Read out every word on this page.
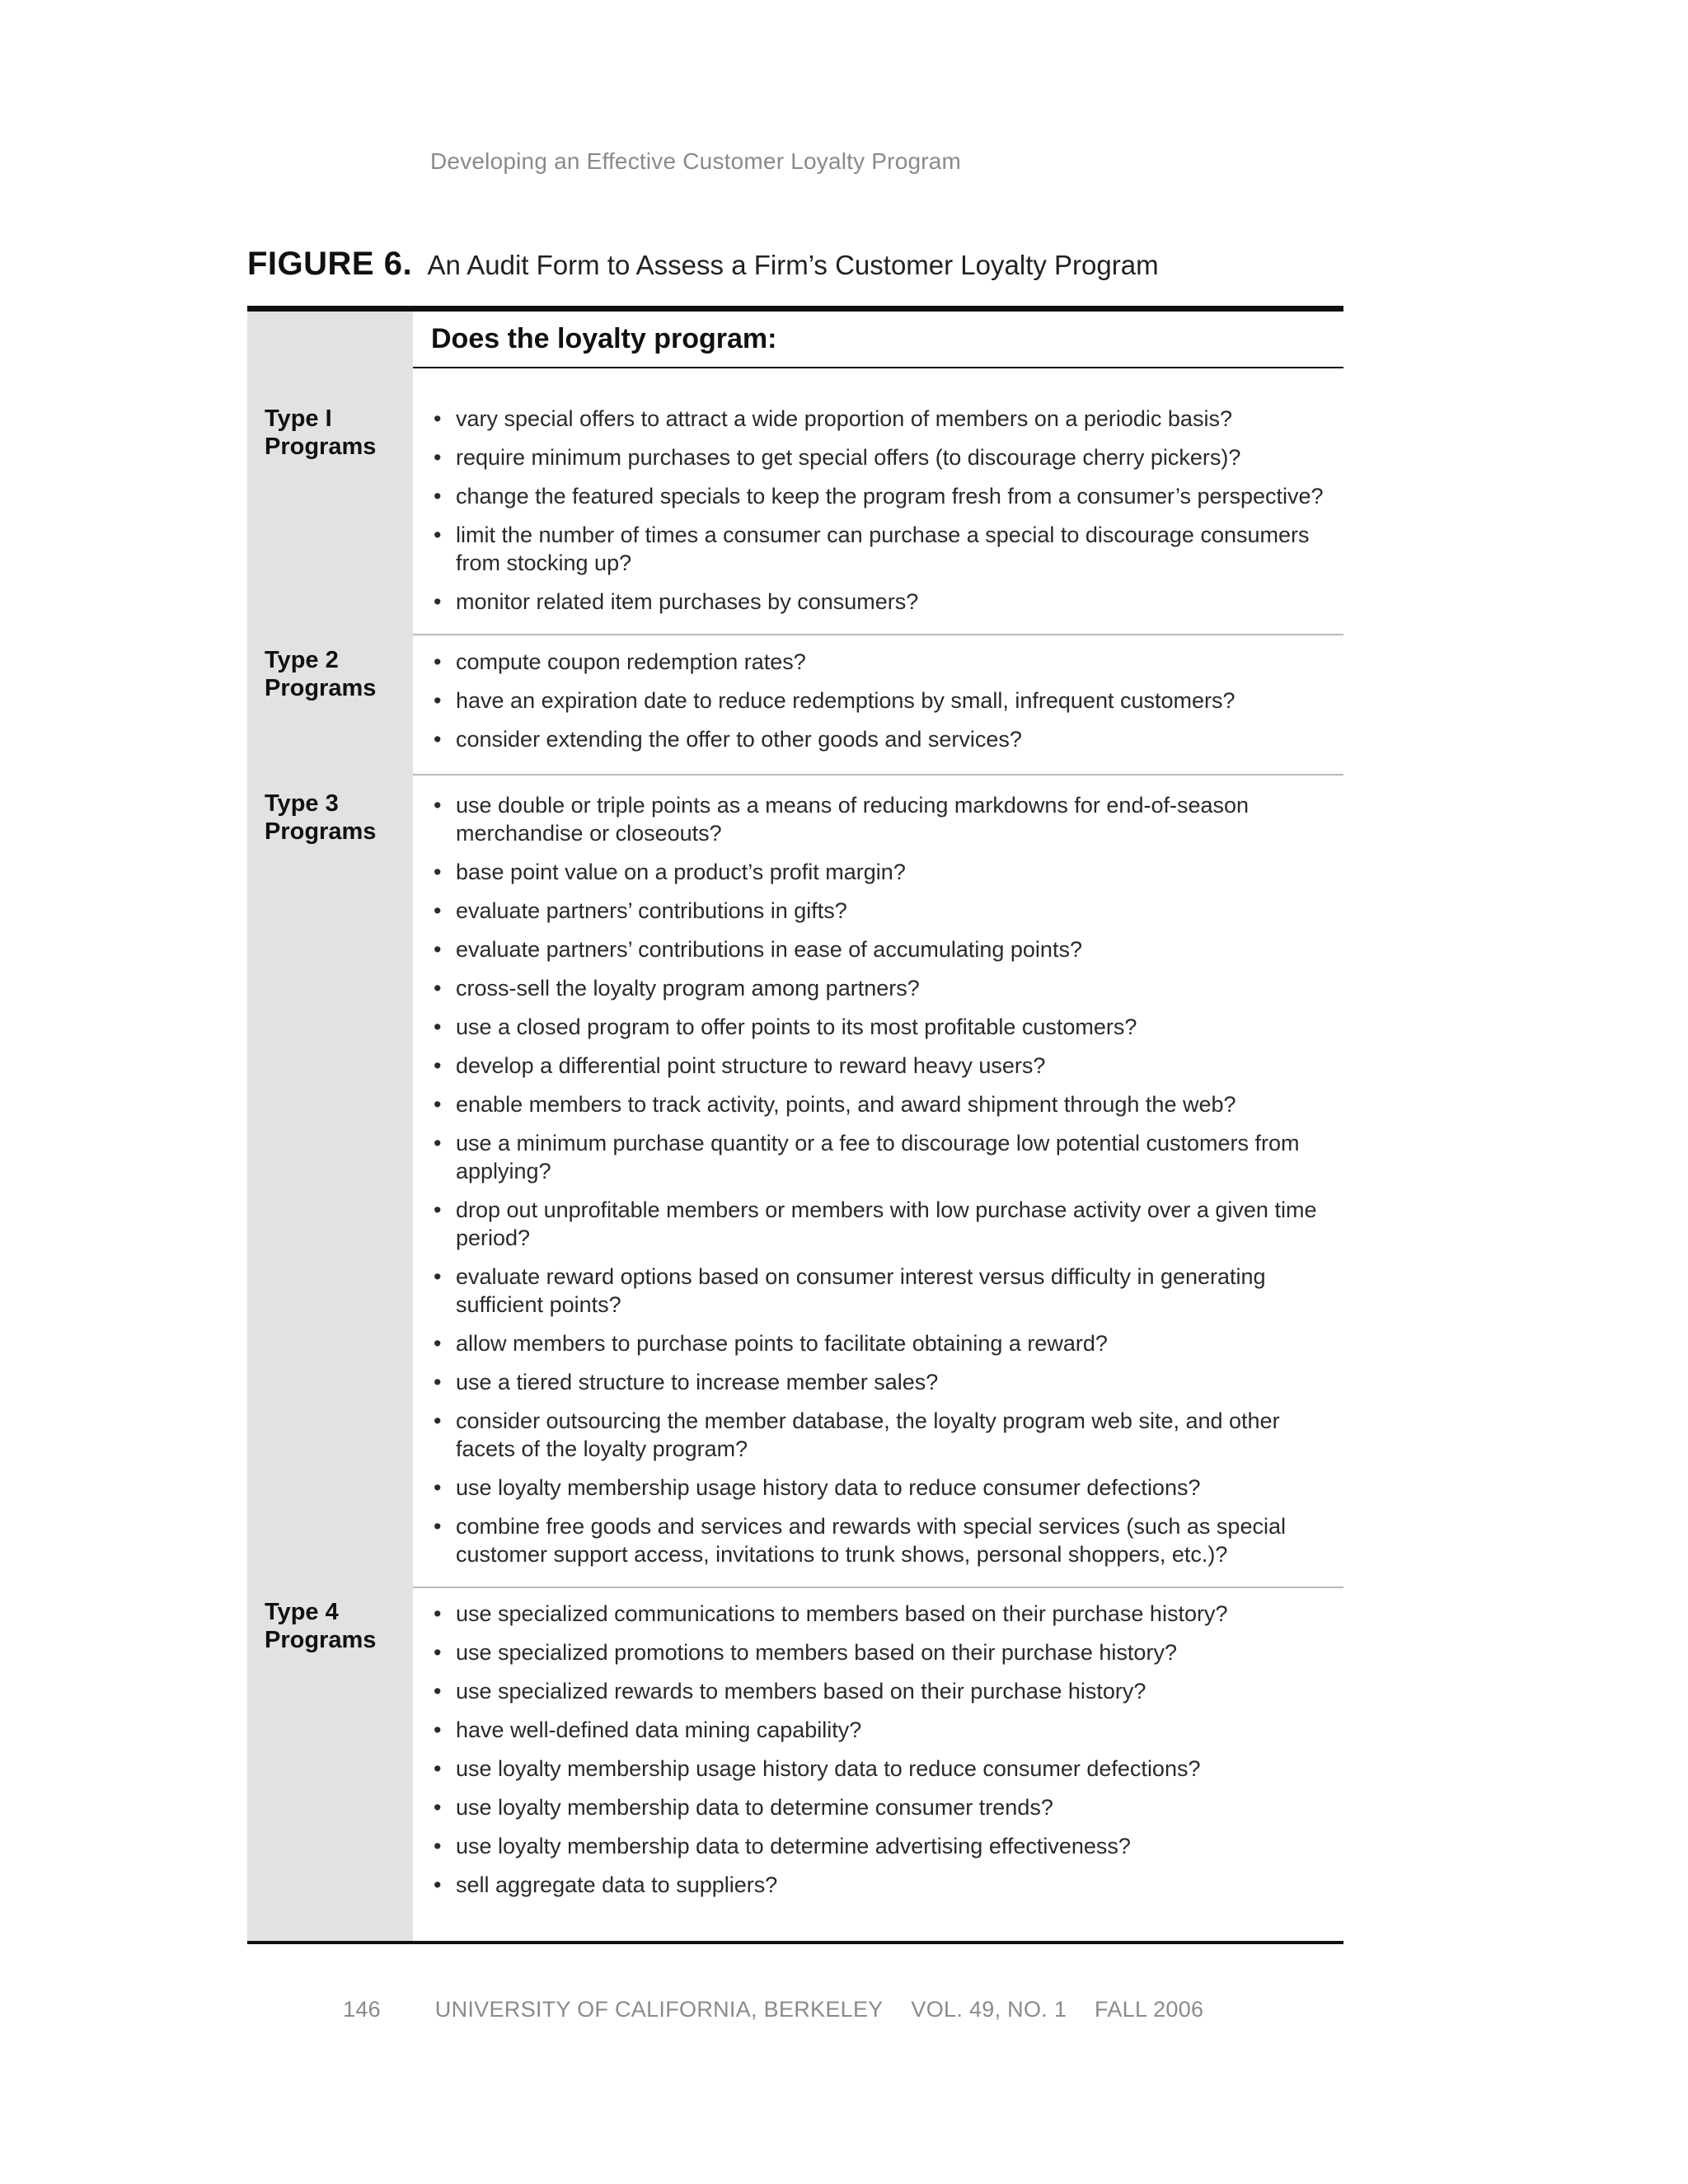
Developing an Effective Customer Loyalty Program
FIGURE 6. An Audit Form to Assess a Firm’s Customer Loyalty Program
Does the loyalty program:
Type I
Programs
• vary special offers to attract a wide proportion of members on a periodic basis?
• require minimum purchases to get special offers (to discourage cherry pickers)?
• change the featured specials to keep the program fresh from a consumer’s perspective?
• limit the number of times a consumer can purchase a special to discourage consumers from stocking up?
• monitor related item purchases by consumers?
Type 2
Programs
• compute coupon redemption rates?
• have an expiration date to reduce redemptions by small, infrequent customers?
• consider extending the offer to other goods and services?
Type 3
Programs
• use double or triple points as a means of reducing markdowns for end-of-season merchandise or closeouts?
• base point value on a product’s profit margin?
• evaluate partners’ contributions in gifts?
• evaluate partners’ contributions in ease of accumulating points?
• cross-sell the loyalty program among partners?
• use a closed program to offer points to its most profitable customers?
• develop a differential point structure to reward heavy users?
• enable members to track activity, points, and award shipment through the web?
• use a minimum purchase quantity or a fee to discourage low potential customers from applying?
• drop out unprofitable members or members with low purchase activity over a given time period?
• evaluate reward options based on consumer interest versus difficulty in generating sufficient points?
• allow members to purchase points to facilitate obtaining a reward?
• use a tiered structure to increase member sales?
• consider outsourcing the member database, the loyalty program web site, and other facets of the loyalty program?
• use loyalty membership usage history data to reduce consumer defections?
• combine free goods and services and rewards with special services (such as special customer support access, invitations to trunk shows, personal shoppers, etc.)?
Type 4
Programs
• use specialized communications to members based on their purchase history?
• use specialized promotions to members based on their purchase history?
• use specialized rewards to members based on their purchase history?
• have well-defined data mining capability?
• use loyalty membership usage history data to reduce consumer defections?
• use loyalty membership data to determine consumer trends?
• use loyalty membership data to determine advertising effectiveness?
• sell aggregate data to suppliers?
146 UNIVERSITY OF CALIFORNIA, BERKELEY VOL. 49, NO. 1 FALL 2006
